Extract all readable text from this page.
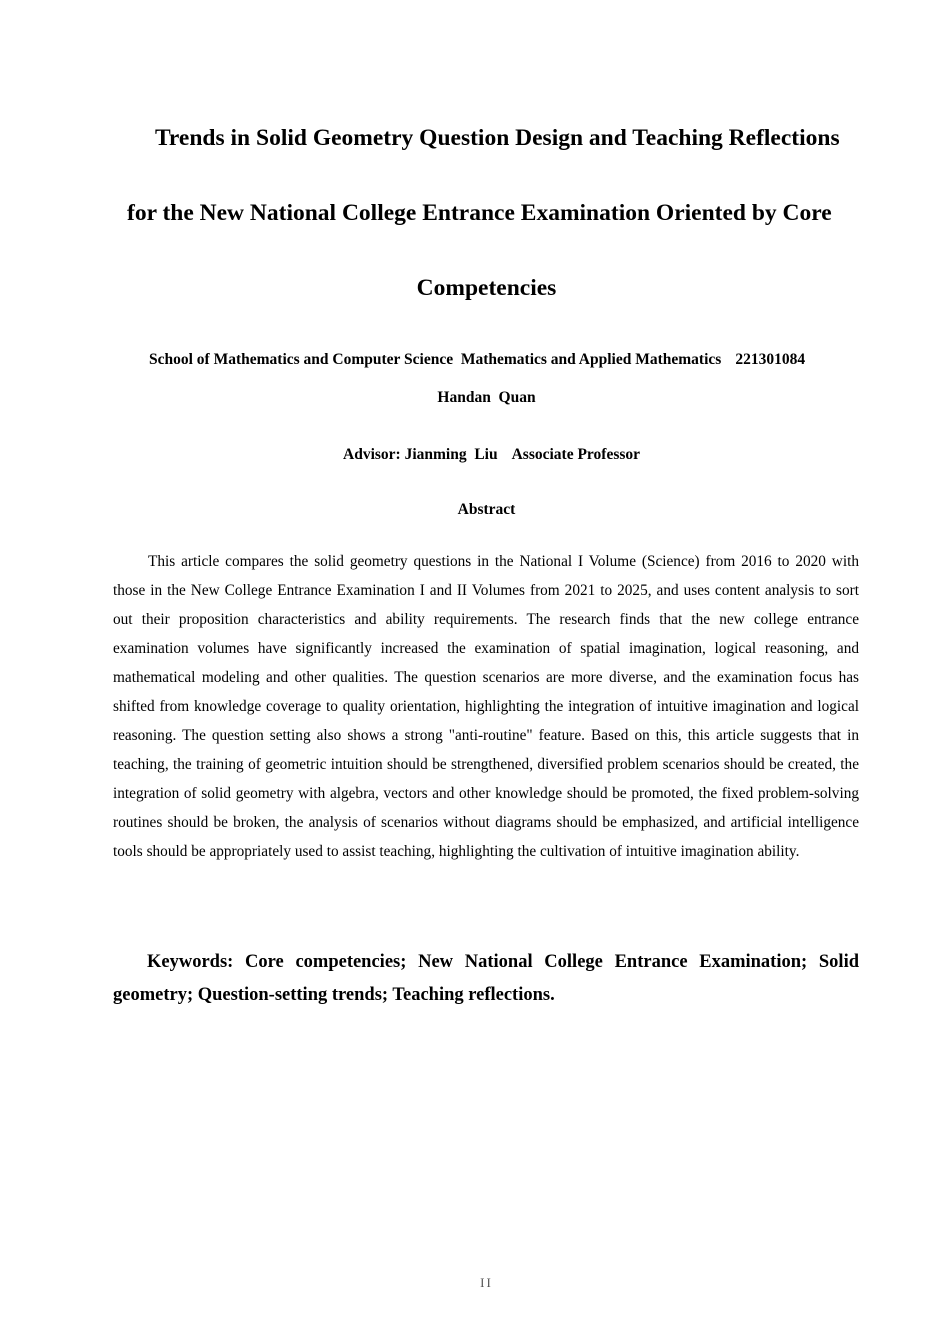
Trends in Solid Geometry Question Design and Teaching Reflections
for the New National College Entrance Examination Oriented by Core
Competencies
School of Mathematics and Computer Science Mathematics and Applied Mathematics 221301084
Handan  Quan
Advisor: Jianming  Liu Associate Professor
Abstract

This article compares the solid geometry questions in the National I Volume (Science) from 2016 to 2020 with those in the New College Entrance Examination I and II Volumes from 2021 to 2025, and uses content analysis to sort out their proposition characteristics and ability requirements. The research finds that the new college entrance examination volumes have significantly increased the examination of spatial imagination, logical reasoning, and mathematical modeling and other qualities. The question scenarios are more diverse, and the examination focus has shifted from knowledge coverage to quality orientation, highlighting the integration of intuitive imagination and logical reasoning. The question setting also shows a strong "anti-routine" feature. Based on this, this article suggests that in teaching, the training of geometric intuition should be strengthened, diversified problem scenarios should be created, the integration of solid geometry with algebra, vectors and other knowledge should be promoted, the fixed problem-solving routines should be broken, the analysis of scenarios without diagrams should be emphasized, and artificial intelligence tools should be appropriately used to assist teaching, highlighting the cultivation of intuitive imagination ability.

Keywords: Core competencies; New National College Entrance Examination; Solid geometry; Question-setting trends; Teaching reflections.

II
